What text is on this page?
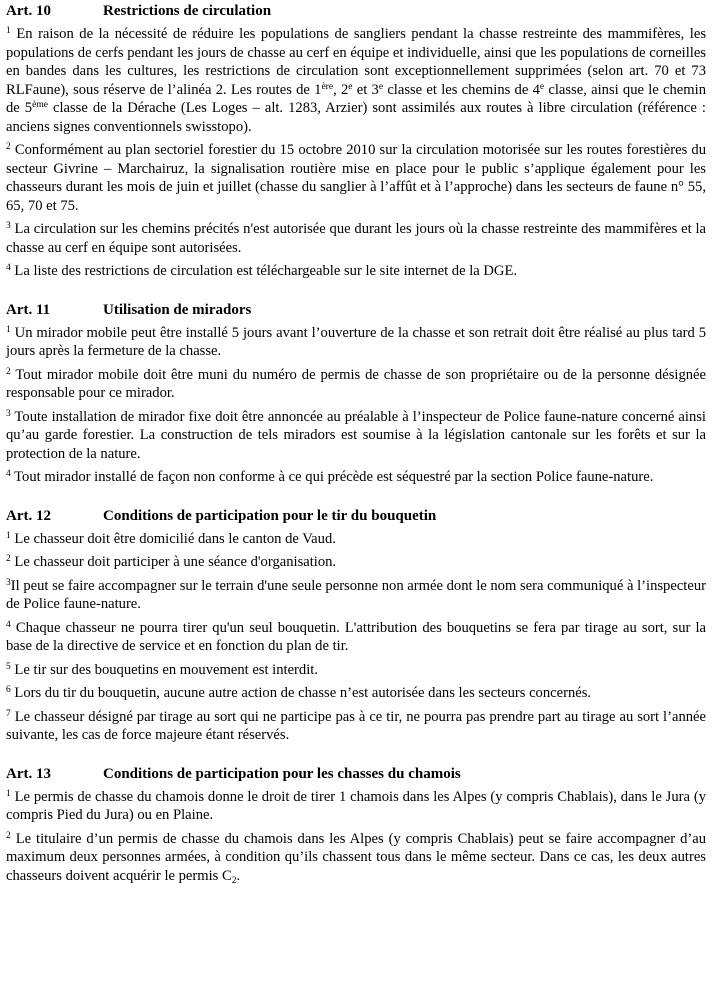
Art. 10	Restrictions de circulation

$^1$ En raison de la nécessité de réduire les populations de sangliers pendant la chasse restreinte des mammifères, les populations de cerfs pendant les jours de chasse au cerf en équipe et individuelle, ainsi que les populations de corneilles en bandes dans les cultures, les restrictions de circulation sont exceptionnellement supprimées (selon art. 70 et 73 RLFaune), sous réserve de l’alinéa 2. Les routes de 1ère, 2e et 3e classe et les chemins de 4e classe, ainsi que le chemin de 5ème classe de la Dérache (Les Loges – alt. 1283, Arzier) sont assimilés aux routes à libre circulation (référence : anciens signes conventionnels swisstopo).

$^2$ Conformément au plan sectoriel forestier du 15 octobre 2010 sur la circulation motorisée sur les routes forestières du secteur Givrine – Marchairuz, la signalisation routière mise en place pour le public s’applique également pour les chasseurs durant les mois de juin et juillet (chasse du sanglier à l’affût et à l’approche) dans les secteurs de faune n° 55, 65, 70 et 75.

$^3$ La circulation sur les chemins précités n'est autorisée que durant les jours où la chasse restreinte des mammifères et la chasse au cerf en équipe sont autorisées.

$^4$ La liste des restrictions de circulation est téléchargeable sur le site internet de la DGE.

Art. 11	Utilisation de miradors

$^1$ Un mirador mobile peut être installé 5 jours avant l’ouverture de la chasse et son retrait doit être réalisé au plus tard 5 jours après la fermeture de la chasse.

$^2$ Tout mirador mobile doit être muni du numéro de permis de chasse de son propriétaire ou de la personne désignée responsable pour ce mirador.

$^3$ Toute installation de mirador fixe doit être annoncée au préalable à l’inspecteur de Police faune-nature concerné ainsi qu’au garde forestier. La construction de tels miradors est soumise à la législation cantonale sur les forêts et sur la protection de la nature.

$^4$ Tout mirador installé de façon non conforme à ce qui précède est séquestré par la section Police faune-nature.

Art. 12	Conditions de participation pour le tir du bouquetin

$^1$ Le chasseur doit être domicilié dans le canton de Vaud.

$^2$ Le chasseur doit participer à une séance d'organisation.

$^3$Il peut se faire accompagner sur le terrain d'une seule personne non armée dont le nom sera communiqué à l’inspecteur de Police faune-nature.

$^4$ Chaque chasseur ne pourra tirer qu'un seul bouquetin. L'attribution des bouquetins se fera par tirage au sort, sur la base de la directive de service et en fonction du plan de tir.

$^5$ Le tir sur des bouquetins en mouvement est interdit.

$^6$ Lors du tir du bouquetin, aucune autre action de chasse n’est autorisée dans les secteurs concernés.

$^7$ Le chasseur désigné par tirage au sort qui ne participe pas à ce tir, ne pourra pas prendre part au tirage au sort l’année suivante, les cas de force majeure étant réservés.

Art. 13	Conditions de participation pour les chasses du chamois

$^1$ Le permis de chasse du chamois donne le droit de tirer 1 chamois dans les Alpes (y compris Chablais), dans le Jura (y compris Pied du Jura) ou en Plaine.

$^2$ Le titulaire d’un permis de chasse du chamois dans les Alpes (y compris Chablais) peut se faire accompagner d’au maximum deux personnes armées, à condition qu’ils chassent tous dans le même secteur. Dans ce cas, les deux autres chasseurs doivent acquérir le permis $C_2$.
